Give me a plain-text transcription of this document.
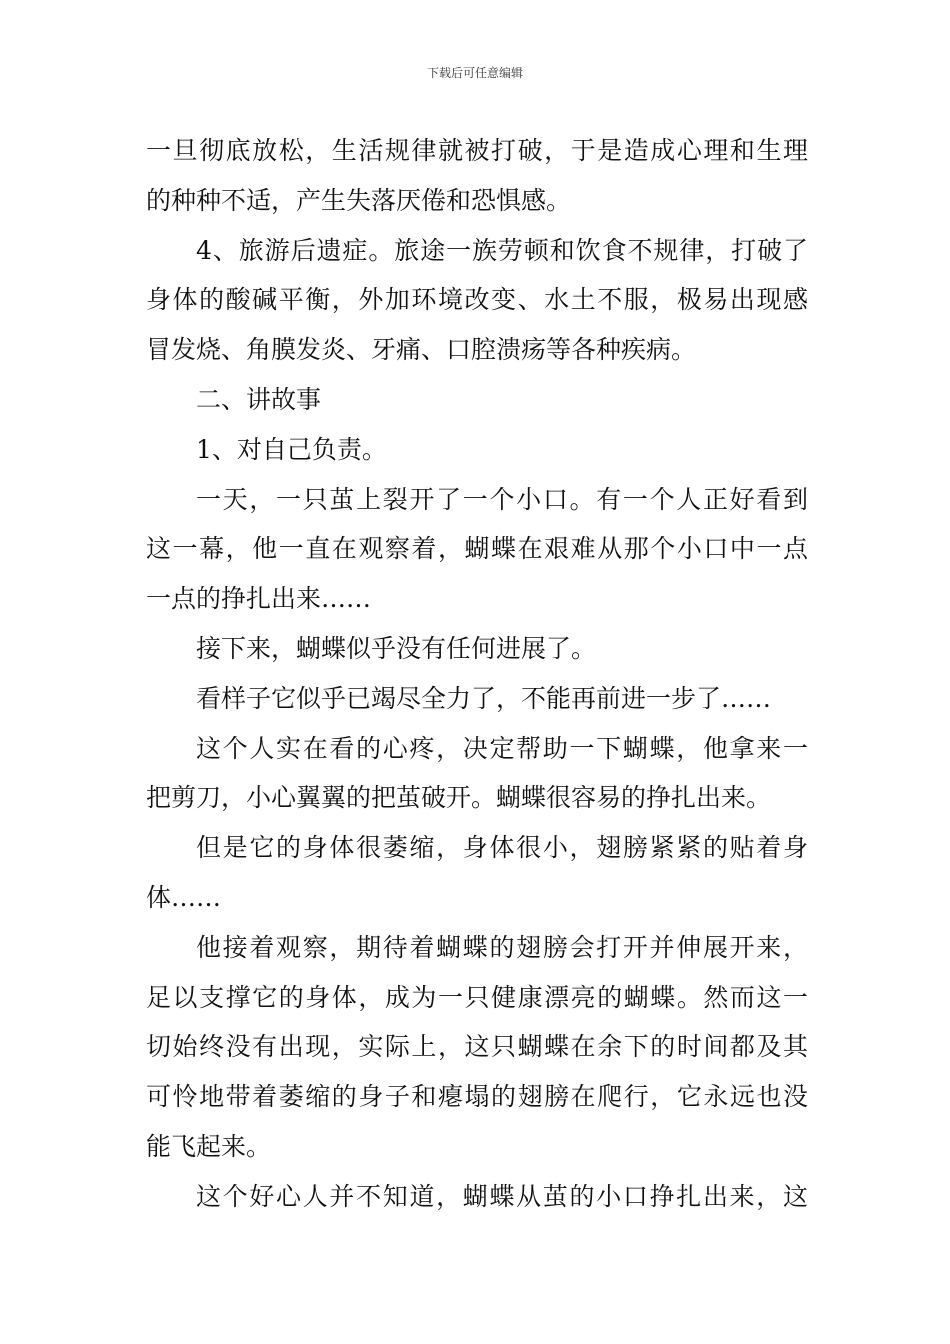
下载后可任意编辑
一旦彻底放松，生活规律就被打破，于是造成心理和生理
的种种不适，产生失落厌倦和恐惧感。
4、旅游后遗症。旅途一族劳顿和饮食不规律，打破了
身体的酸碱平衡，外加环境改变、水土不服，极易出现感
冒发烧、角膜发炎、牙痛、口腔溃疡等各种疾病。
二、讲故事
1、对自己负责。
一天，一只茧上裂开了一个小口。有一个人正好看到
这一幕，他一直在观察着，蝴蝶在艰难从那个小口中一点
一点的挣扎出来……
接下来，蝴蝶似乎没有任何进展了。
看样子它似乎已竭尽全力了，不能再前进一步了……
这个人实在看的心疼，决定帮助一下蝴蝶，他拿来一
把剪刀，小心翼翼的把茧破开。蝴蝶很容易的挣扎出来。
但是它的身体很萎缩，身体很小，翅膀紧紧的贴着身
体……
他接着观察，期待着蝴蝶的翅膀会打开并伸展开来，
足以支撑它的身体，成为一只健康漂亮的蝴蝶。然而这一
切始终没有出现，实际上，这只蝴蝶在余下的时间都及其
可怜地带着萎缩的身子和瘪塌的翅膀在爬行，它永远也没
能飞起来。
这个好心人并不知道，蝴蝶从茧的小口挣扎出来，这
